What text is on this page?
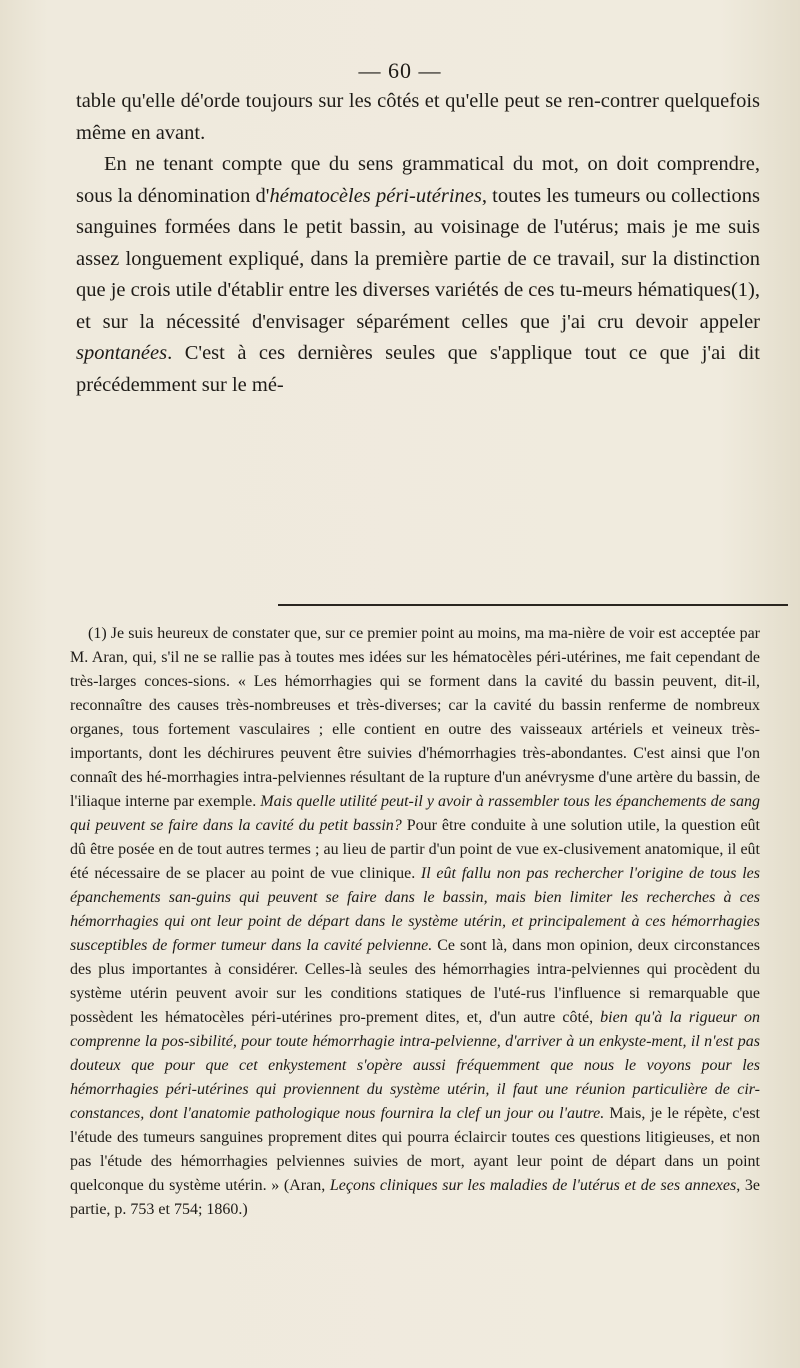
— 60 —

table qu'elle dé'orde toujours sur les côtés et qu'elle peut se ren-contrer quelquefois même en avant.

En ne tenant compte que du sens grammatical du mot, on doit comprendre, sous la dénomination d'hématocèles péri-utérines, toutes les tumeurs ou collections sanguines formées dans le petit bassin, au voisinage de l'utérus; mais je me suis assez longuement expliqué, dans la première partie de ce travail, sur la distinction que je crois utile d'établir entre les diverses variétés de ces tu-meurs hématiques(1), et sur la nécessité d'envisager séparément celles que j'ai cru devoir appeler spontanées. C'est à ces dernières seules que s'applique tout ce que j'ai dit précédemment sur le mé-

(1) Je suis heureux de constater que, sur ce premier point au moins, ma ma-nière de voir est acceptée par M. Aran, qui, s'il ne se rallie pas à toutes mes idées sur les hématocèles péri-utérines, me fait cependant de très-larges conces-sions. « Les hémorrhagies qui se forment dans la cavité du bassin peuvent, dit-il, reconnaître des causes très-nombreuses et très-diverses; car la cavité du bassin renferme de nombreux organes, tous fortement vasculaires ; elle contient en outre des vaisseaux artériels et veineux très-importants, dont les déchirures peuvent être suivies d'hémorrhagies très-abondantes. C'est ainsi que l'on connaît des hé-morrhagies intra-pelviennes résultant de la rupture d'un anévrysme d'une artère du bassin, de l'iliaque interne par exemple. Mais quelle utilité peut-il y avoir à rassembler tous les épanchements de sang qui peuvent se faire dans la cavité du petit bassin? Pour être conduite à une solution utile, la question eût dû être posée en de tout autres termes ; au lieu de partir d'un point de vue ex-clusivement anatomique, il eût été nécessaire de se placer au point de vue clinique. Il eût fallu non pas rechercher l'origine de tous les épanchements san-guins qui peuvent se faire dans le bassin, mais bien limiter les recherches à ces hémorrhagies qui ont leur point de départ dans le système utérin, et principalement à ces hémorrhagies susceptibles de former tumeur dans la cavité pelvienne. Ce sont là, dans mon opinion, deux circonstances des plus importantes à considérer. Celles-là seules des hémorrhagies intra-pelviennes qui procèdent du système utérin peuvent avoir sur les conditions statiques de l'uté-rus l'influence si remarquable que possèdent les hématocèles péri-utérines pro-prement dites, et, d'un autre côté, bien qu'à la rigueur on comprenne la pos-sibilité, pour toute hémorrhagie intra-pelvienne, d'arriver à un enkyste-ment, il n'est pas douteux que pour que cet enkystement s'opère aussi fréquemment que nous le voyons pour les hémorrhagies péri-utérines qui proviennent du système utérin, il faut une réunion particulière de cir-constances, dont l'anatomie pathologique nous fournira la clef un jour ou l'autre. Mais, je le répète, c'est l'étude des tumeurs sanguines proprement dites qui pourra éclaircir toutes ces questions litigieuses, et non pas l'étude des hémorrhagies pelviennes suivies de mort, ayant leur point de départ dans un point quelconque du système utérin. » (Aran, Leçons cliniques sur les maladies de l'utérus et de ses annexes, 3e partie, p. 753 et 754; 1860.)
